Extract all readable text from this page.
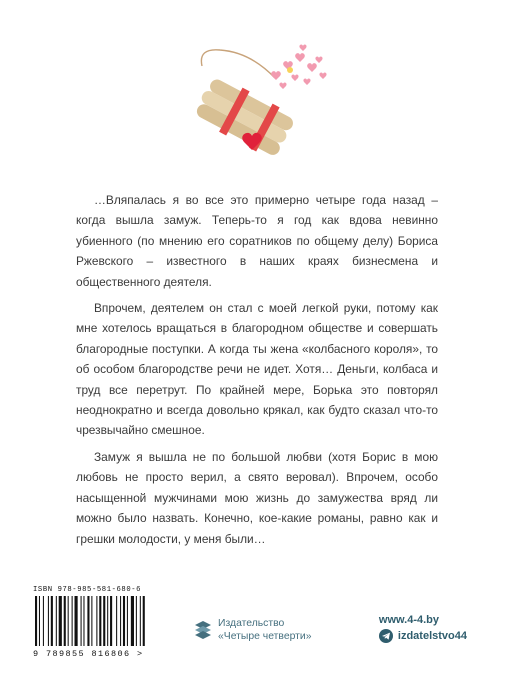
…Вляпалась я во все это примерно четыре года назад – когда вышла замуж. Теперь-то я год как вдова невинно убиенного (по мнению его соратников по общему делу) Бориса Ржевского – известного в наших краях бизнесмена и общественного деятеля.

Впрочем, деятелем он стал с моей легкой руки, потому как мне хотелось вращаться в благородном обществе и совершать благородные поступки. А когда ты жена «колбасного короля», то об особом благородстве речи не идет. Хотя… Деньги, колбаса и труд все перетрут. По крайней мере, Борька это повторял неоднократно и всегда довольно крякал, как будто сказал что-то чрезвычайно смешное.

Замуж я вышла не по большой любви (хотя Борис в мою любовь не просто верил, а свято веровал). Впрочем, особо насыщенной мужчинами мою жизнь до замужества вряд ли можно было назвать. Конечно, кое-какие романы, равно как и грешки молодости, у меня были…

ISBN 978-985-581-680-6
9 789855 816806 >
Издательство
«Четыре четверти»
www.4-4.by
izdatelstvo44
